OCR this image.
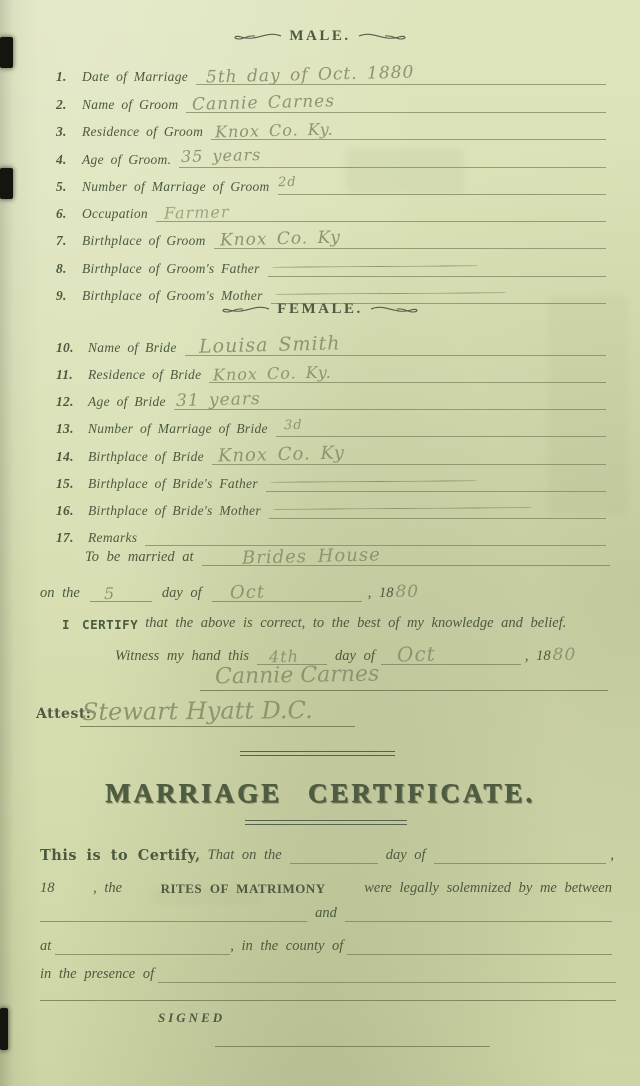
MALE.
1.	Date of Marriage	5th day of Oct. 1880
2.	Name of Groom Cannie Carnes
3.	Residence of Groom Knox Co. Ky.
4.	Age of Groom. 35 years
5.	Number of Marriage of Groom 2d
6.	Occupation Farmer
7.	Birthplace of Groom Knox Co. Ky
8.	Birthplace of Groom's Father
9.	Birthplace of Groom's Mother
FEMALE.
10.	Name of Bride	Louisa Smith
11.	Residence of Bride Knox Co. Ky.
12.	Age of Bride 31 years
13.	Number of Marriage of Bride	3d
14.	Birthplace of Bride Knox Co. Ky
15.	Birthplace of Bride's Father
16.	Birthplace of Bride's Mother
17.	Remarks
To be married at	Brides House
on the 5	day of Oct	, 18 80
I CERTIFY that the above is correct, to the best of my knowledge and belief.
Witness my hand this 4th day of Oct	, 18 80
Cannie Carnes
Attest:
Stewart Hyatt D.C.
MARRIAGE CERTIFICATE.
This is to Certify, That on the	day of	,
18	, the	RITES OF MATRIMONY	were legally solemnized by me between
and
at	, in the county of
in the presence of
SIGNED
